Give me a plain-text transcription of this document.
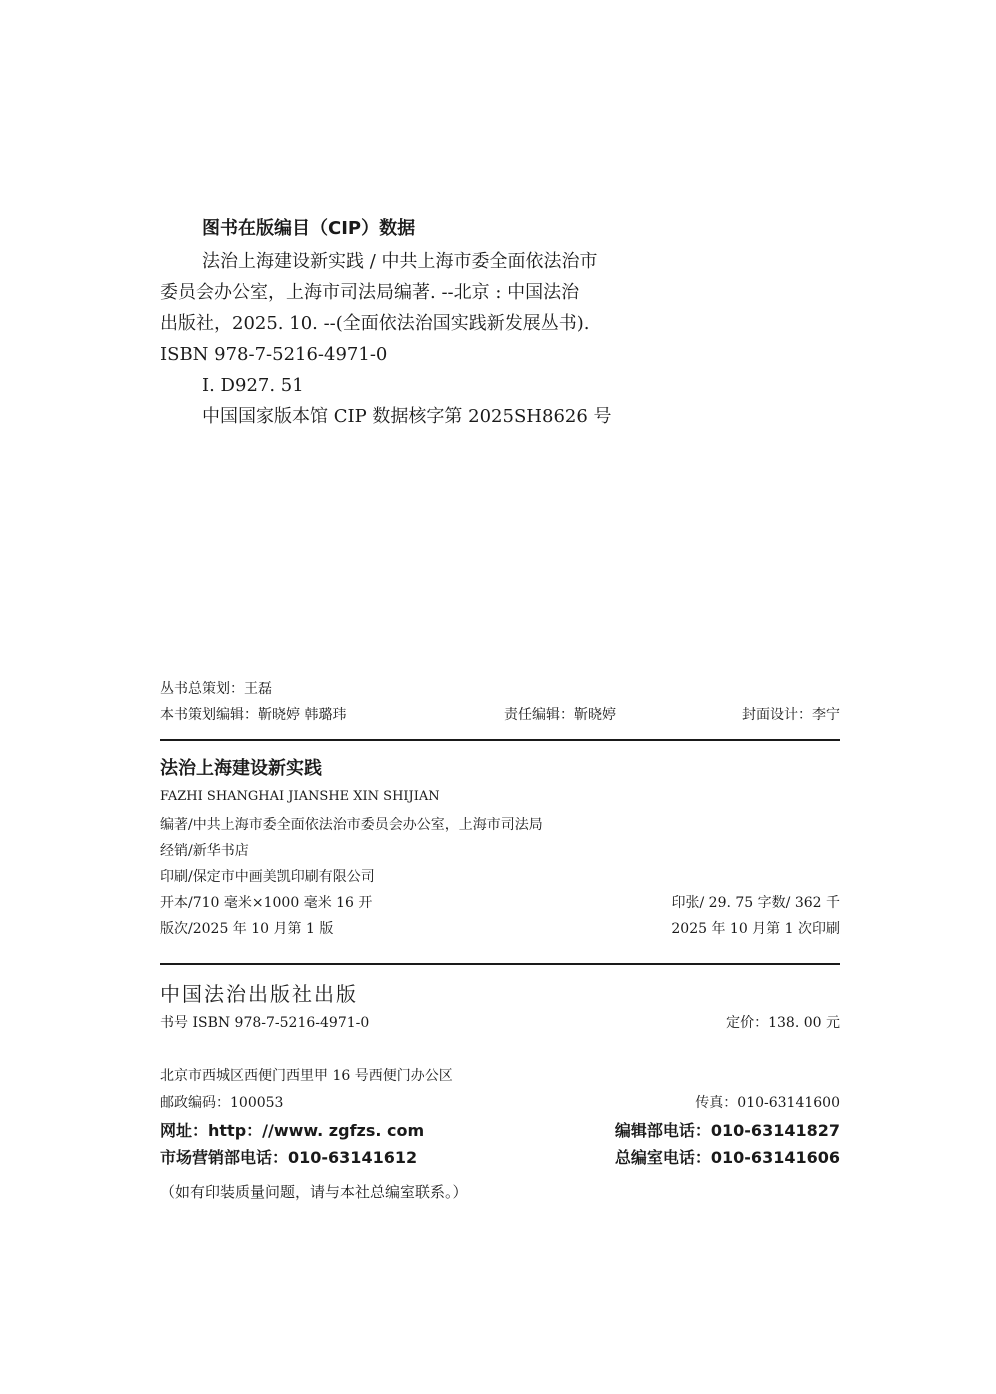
图书在版编目（CIP）数据
法治上海建设新实践 / 中共上海市委全面依法治市
委员会办公室，上海市司法局编著. --北京 : 中国法治
出版社，2025. 10. --(全面依法治国实践新发展丛书).
ISBN 978-7-5216-4971-0
Ⅰ. D927. 51
中国国家版本馆 CIP 数据核字第 2025SH8626 号
丛书总策划：王磊
本书策划编辑：靳晓婷 韩璐玮	责任编辑：靳晓婷	封面设计：李宁
法治上海建设新实践
FAZHI SHANGHAI JIANSHE XIN SHIJIAN
编著/中共上海市委全面依法治市委员会办公室，上海市司法局
经销/新华书店
印刷/保定市中画美凯印刷有限公司
开本/710 毫米×1000 毫米 16 开	印张/ 29. 75 字数/ 362 千
版次/2025 年 10 月第 1 版	2025 年 10 月第 1 次印刷
中国法治出版社出版
书号 ISBN 978-7-5216-4971-0	定价：138. 00 元
北京市西城区西便门西里甲 16 号西便门办公区
邮政编码：100053	传真：010-63141600
网址：http：//www. zgfzs. com	编辑部电话：010-63141827
市场营销部电话：010-63141612	总编室电话：010-63141606
（如有印装质量问题，请与本社总编室联系。）
